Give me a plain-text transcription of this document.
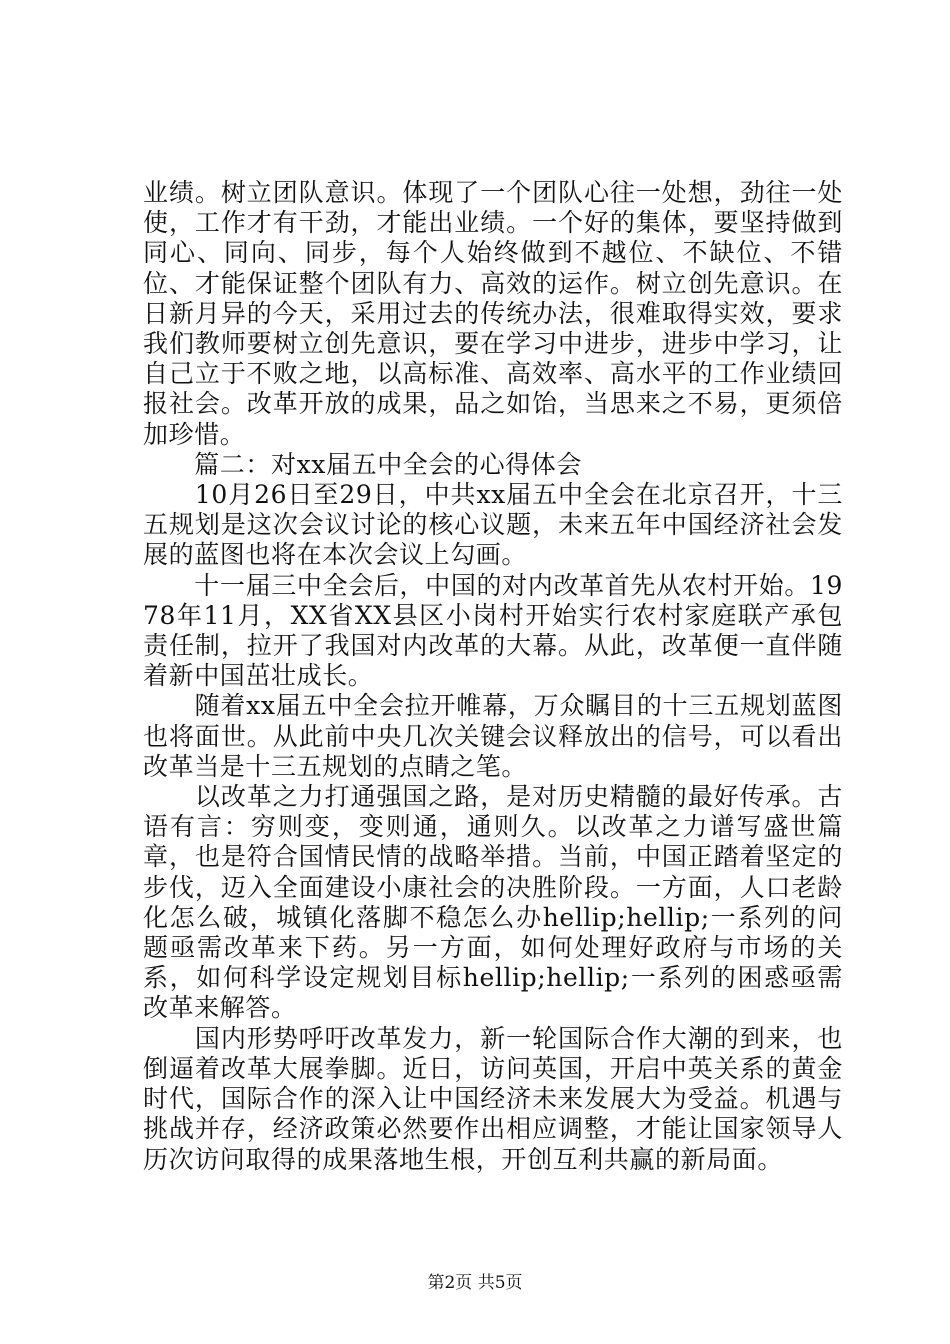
业绩。树立团队意识。体现了一个团队心往一处想，劲往一处使，工作才有干劲，才能出业绩。一个好的集体，要坚持做到同心、同向、同步，每个人始终做到不越位、不缺位、不错位、才能保证整个团队有力、高效的运作。树立创先意识。在日新月异的今天，采用过去的传统办法，很难取得实效，要求我们教师要树立创先意识，要在学习中进步，进步中学习，让自己立于不败之地，以高标准、高效率、高水平的工作业绩回报社会。改革开放的成果，品之如饴，当思来之不易，更须倍加珍惜。

　　篇二：对xx届五中全会的心得体会

　　10月26日至29日，中共xx届五中全会在北京召开，十三五规划是这次会议讨论的核心议题，未来五年中国经济社会发展的蓝图也将在本次会议上勾画。

　　十一届三中全会后，中国的对内改革首先从农村开始。1978年11月，XX省XX县区小岗村开始实行农村家庭联产承包责任制，拉开了我国对内改革的大幕。从此，改革便一直伴随着新中国茁壮成长。

　　随着xx届五中全会拉开帷幕，万众瞩目的十三五规划蓝图也将面世。从此前中央几次关键会议释放出的信号，可以看出改革当是十三五规划的点睛之笔。

　　以改革之力打通强国之路，是对历史精髓的最好传承。古语有言：穷则变，变则通，通则久。以改革之力谱写盛世篇章，也是符合国情民情的战略举措。当前，中国正踏着坚定的步伐，迈入全面建设小康社会的决胜阶段。一方面，人口老龄化怎么破，城镇化落脚不稳怎么办hellip;hellip;一系列的问题亟需改革来下药。另一方面，如何处理好政府与市场的关系，如何科学设定规划目标hellip;hellip;一系列的困惑亟需改革来解答。

　　国内形势呼吁改革发力，新一轮国际合作大潮的到来，也倒逼着改革大展拳脚。近日，访问英国，开启中英关系的黄金时代，国际合作的深入让中国经济未来发展大为受益。机遇与挑战并存，经济政策必然要作出相应调整，才能让国家领导人历次访问取得的成果落地生根，开创互利共赢的新局面。

第2页 共5页
